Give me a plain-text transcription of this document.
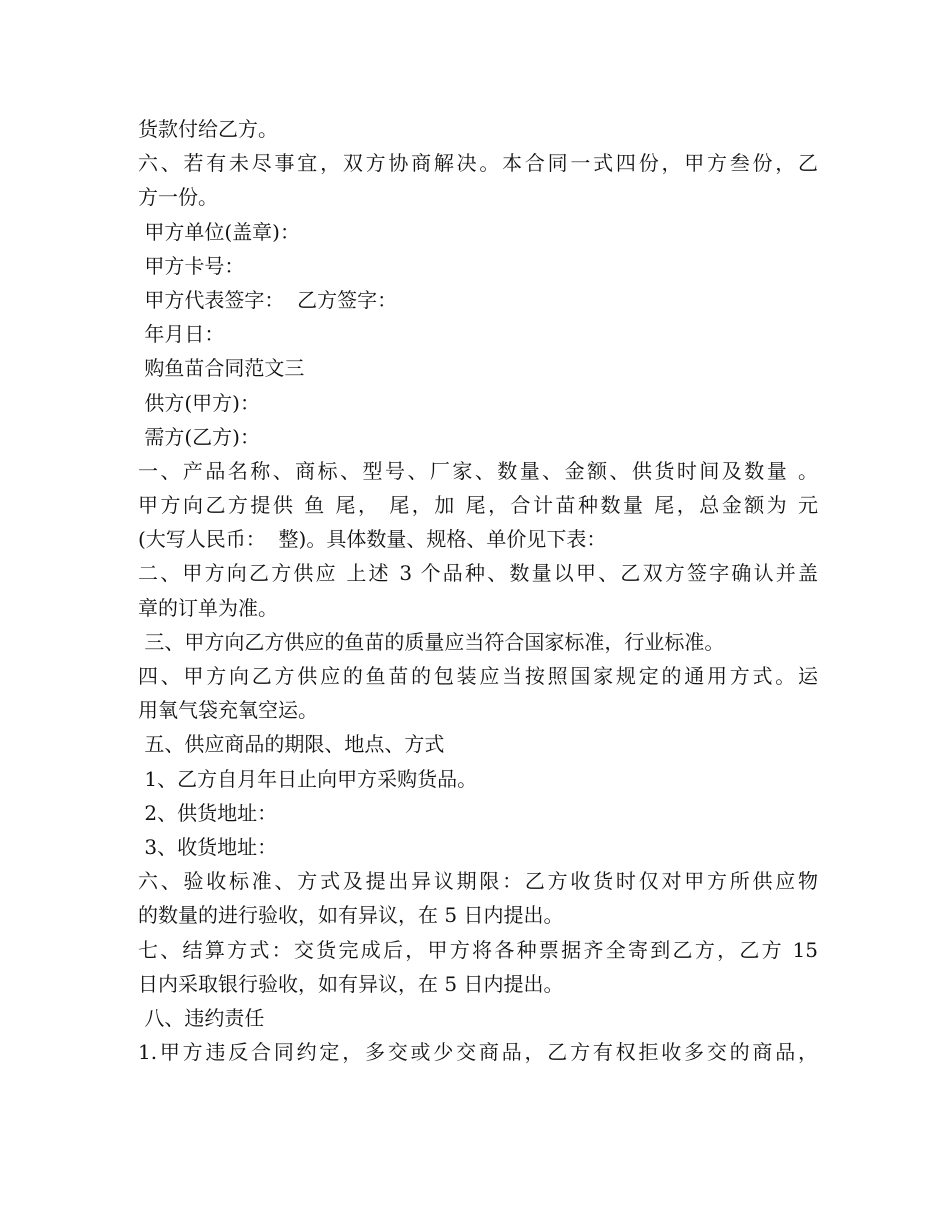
货款付给乙方。
六、若有未尽事宜，双方协商解决。本合同一式四份，甲方叁份，乙
方一份。
甲方单位(盖章)：
甲方卡号：
甲方代表签字：  乙方签字：
年月日：
购鱼苗合同范文三
供方(甲方)：
需方(乙方)：
一、产品名称、商标、型号、厂家、数量、金额、供货时间及数量 。
甲方向乙方提供 鱼 尾， 尾，加 尾，合计苗种数量 尾，总金额为 元
(大写人民币：  整)。具体数量、规格、单价见下表：
二、甲方向乙方供应 上述 3 个品种、数量以甲、乙双方签字确认并盖
章的订单为准。
三、甲方向乙方供应的鱼苗的质量应当符合国家标准，行业标准。
四、甲方向乙方供应的鱼苗的包装应当按照国家规定的通用方式。运
用氧气袋充氧空运。
五、供应商品的期限、地点、方式
1、乙方自月年日止向甲方采购货品。
2、供货地址：
3、收货地址：
六、验收标准、方式及提出异议期限：乙方收货时仅对甲方所供应物
的数量的进行验收，如有异议，在 5 日内提出。
七、结算方式：交货完成后，甲方将各种票据齐全寄到乙方，乙方 15
日内采取银行验收，如有异议，在 5 日内提出。
八、违约责任
1.甲方违反合同约定，多交或少交商品，乙方有权拒收多交的商品，
